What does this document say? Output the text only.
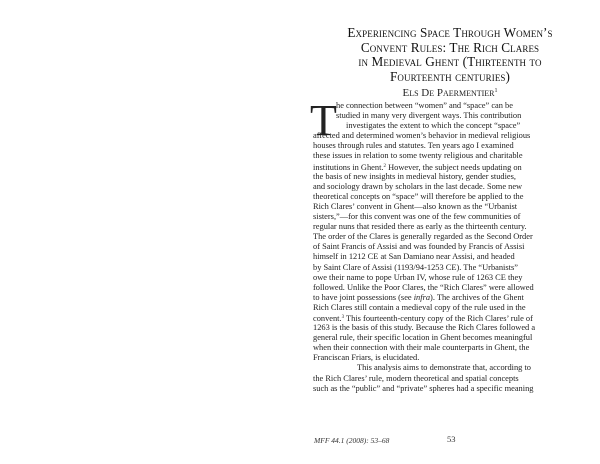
Experiencing Space Through Women’s
Convent Rules: The Rich Clares
in Medieval Ghent (Thirteenth to
Fourteenth centuries)
Els De Paermentier$^1$
T he connection between “women” and “space” can be
studied in many very divergent ways. This contribution
investigates the extent to which the concept “space”
affected and determined women’s behavior in medieval religious
houses through rules and statutes. Ten years ago I examined
these issues in relation to some twenty religious and charitable
institutions in Ghent.$^2$ However, the subject needs updating on
the basis of new insights in medieval history, gender studies,
and sociology drawn by scholars in the last decade. Some new
theoretical concepts on “space” will therefore be applied to the
Rich Clares’ convent in Ghent—also known as the “Urbanist
sisters,”—for this convent was one of the few communities of
regular nuns that resided there as early as the thirteenth century.
The order of the Clares is generally regarded as the Second Order
of Saint Francis of Assisi and was founded by Francis of Assisi
himself in 1212 CE at San Damiano near Assisi, and headed
by Saint Clare of Assisi (1193/94-1253 CE). The “Urbanists”
owe their name to pope Urban IV, whose rule of 1263 CE they
followed. Unlike the Poor Clares, the “Rich Clares” were allowed
to have joint possessions (see infra). The archives of the Ghent
Rich Clares still contain a medieval copy of the rule used in the
convent.$^3$ This fourteenth-century copy of the Rich Clares’ rule of
1263 is the basis of this study. Because the Rich Clares followed a
general rule, their specific location in Ghent becomes meaningful
when their connection with their male counterparts in Ghent, the
Franciscan Friars, is elucidated.
This analysis aims to demonstrate that, according to
the Rich Clares’ rule, modern theoretical and spatial concepts
such as the “public” and “private” spheres had a specific meaning
MFF 44.1 (2008): 53–68	53
